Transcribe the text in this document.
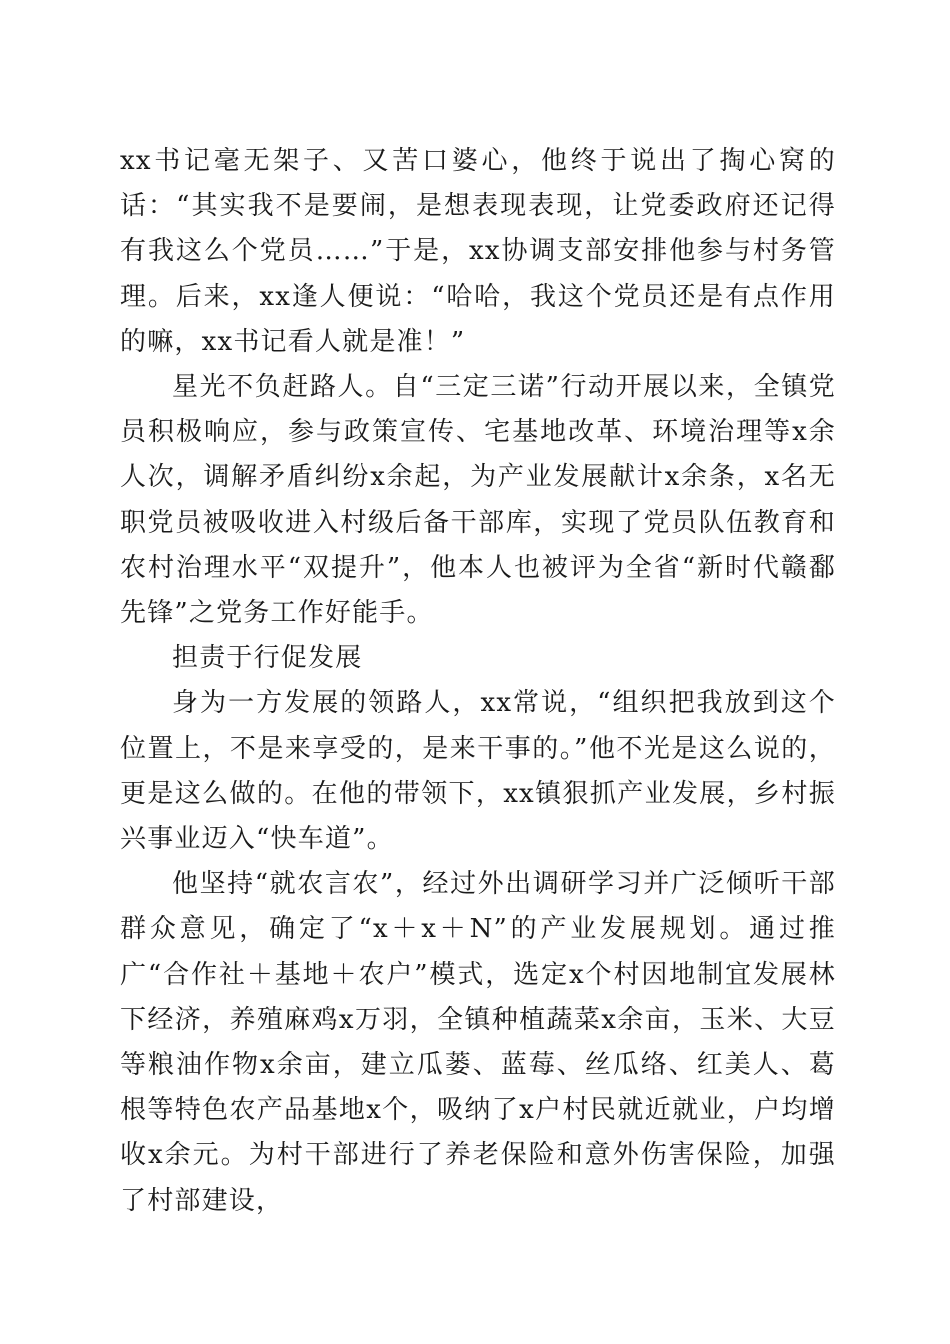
xx书记毫无架子、又苦口婆心，他终于说出了掏心窝的话：“其实我不是要闹，是想表现表现，让党委政府还记得有我这么个党员……”于是，xx协调支部安排他参与村务管理。后来，xx逢人便说：“哈哈，我这个党员还是有点作用的嘛，xx书记看人就是准！”

星光不负赶路人。自“三定三诺”行动开展以来，全镇党员积极响应，参与政策宣传、宅基地改革、环境治理等x余人次，调解矛盾纠纷x余起，为产业发展献计x余条，x名无职党员被吸收进入村级后备干部库，实现了党员队伍教育和农村治理水平“双提升”，他本人也被评为全省“新时代赣鄱先锋”之党务工作好能手。

担责于行促发展

身为一方发展的领路人，xx常说，“组织把我放到这个位置上，不是来享受的，是来干事的。”他不光是这么说的，更是这么做的。在他的带领下，xx镇狠抓产业发展，乡村振兴事业迈入“快车道”。

他坚持“就农言农”，经过外出调研学习并广泛倾听干部群众意见，确定了“x＋x＋N”的产业发展规划。通过推广“合作社＋基地＋农户”模式，选定x个村因地制宜发展林下经济，养殖麻鸡x万羽，全镇种植蔬菜x余亩，玉米、大豆等粮油作物x余亩，建立瓜蒌、蓝莓、丝瓜络、红美人、葛根等特色农产品基地x个，吸纳了x户村民就近就业，户均增收x余元。为村干部进行了养老保险和意外伤害保险，加强了村部建设，
